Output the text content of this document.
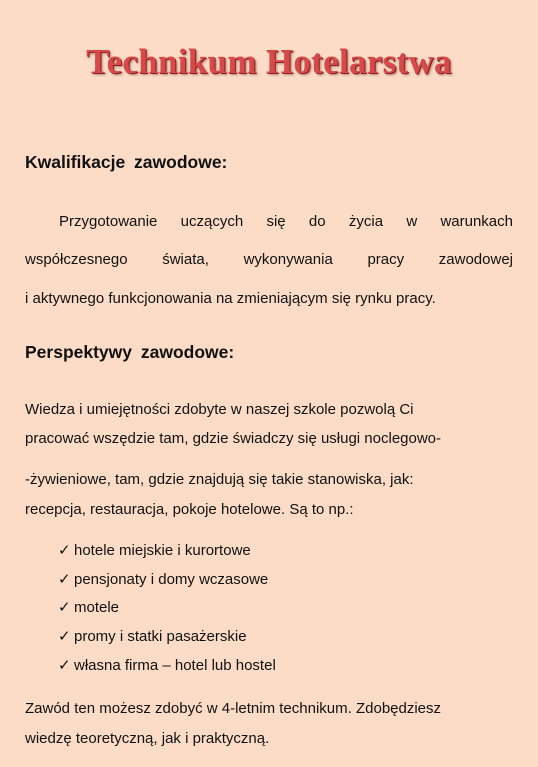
Technikum Hotelarstwa
Kwalifikacje zawodowe:
Przygotowanie uczących się do życia w warunkach
współczesnego świata, wykonywania pracy zawodowej
i aktywnego funkcjonowania na zmieniającym się rynku pracy.
Perspektywy zawodowe:
Wiedza i umiejętności zdobyte w naszej szkole pozwolą Ci
pracować wszędzie tam, gdzie świadczy się usługi noclegowo-
-żywieniowe, tam, gdzie znajdują się takie stanowiska, jak:
recepcja, restauracja, pokoje hotelowe. Są to np.:
✓ hotele miejskie i kurortowe
✓ pensjonaty i domy wczasowe
✓ motele
✓ promy i statki pasażerskie
✓ własna firma – hotel lub hostel
Zawód ten możesz zdobyć w 4-letnim technikum. Zdobędziesz
wiedzę teoretyczną, jak i praktyczną.
